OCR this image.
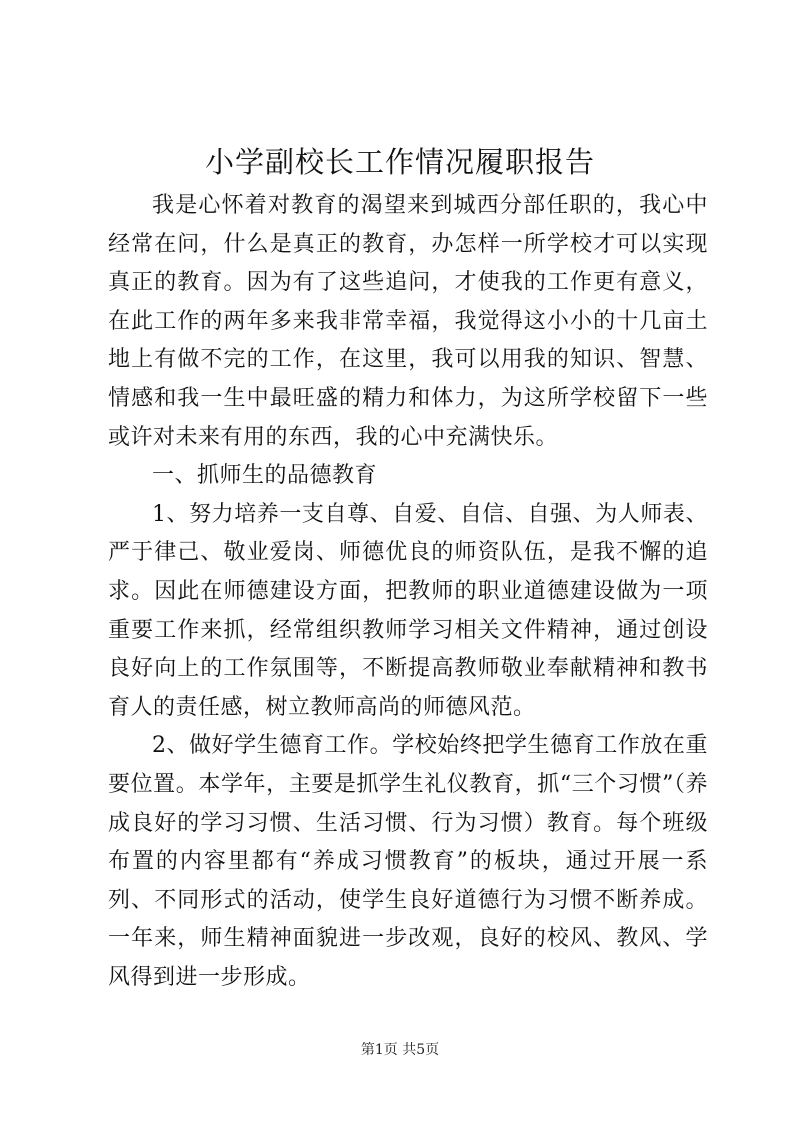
小学副校长工作情况履职报告

我是心怀着对教育的渴望来到城西分部任职的，我心中经常在问，什么是真正的教育，办怎样一所学校才可以实现真正的教育。因为有了这些追问，才使我的工作更有意义，在此工作的两年多来我非常幸福，我觉得这小小的十几亩土地上有做不完的工作，在这里，我可以用我的知识、智慧、情感和我一生中最旺盛的精力和体力，为这所学校留下一些或许对未来有用的东西，我的心中充满快乐。

一、抓师生的品德教育

1、努力培养一支自尊、自爱、自信、自强、为人师表、严于律己、敬业爱岗、师德优良的师资队伍，是我不懈的追求。因此在师德建设方面，把教师的职业道德建设做为一项重要工作来抓，经常组织教师学习相关文件精神，通过创设良好向上的工作氛围等，不断提高教师敬业奉献精神和教书育人的责任感，树立教师高尚的师德风范。

2、做好学生德育工作。学校始终把学生德育工作放在重要位置。本学年，主要是抓学生礼仪教育，抓“三个习惯”（养成良好的学习习惯、生活习惯、行为习惯）教育。每个班级布置的内容里都有“养成习惯教育”的板块，通过开展一系列、不同形式的活动，使学生良好道德行为习惯不断养成。一年来，师生精神面貌进一步改观，良好的校风、教风、学风得到进一步形成。

第1页 共5页
